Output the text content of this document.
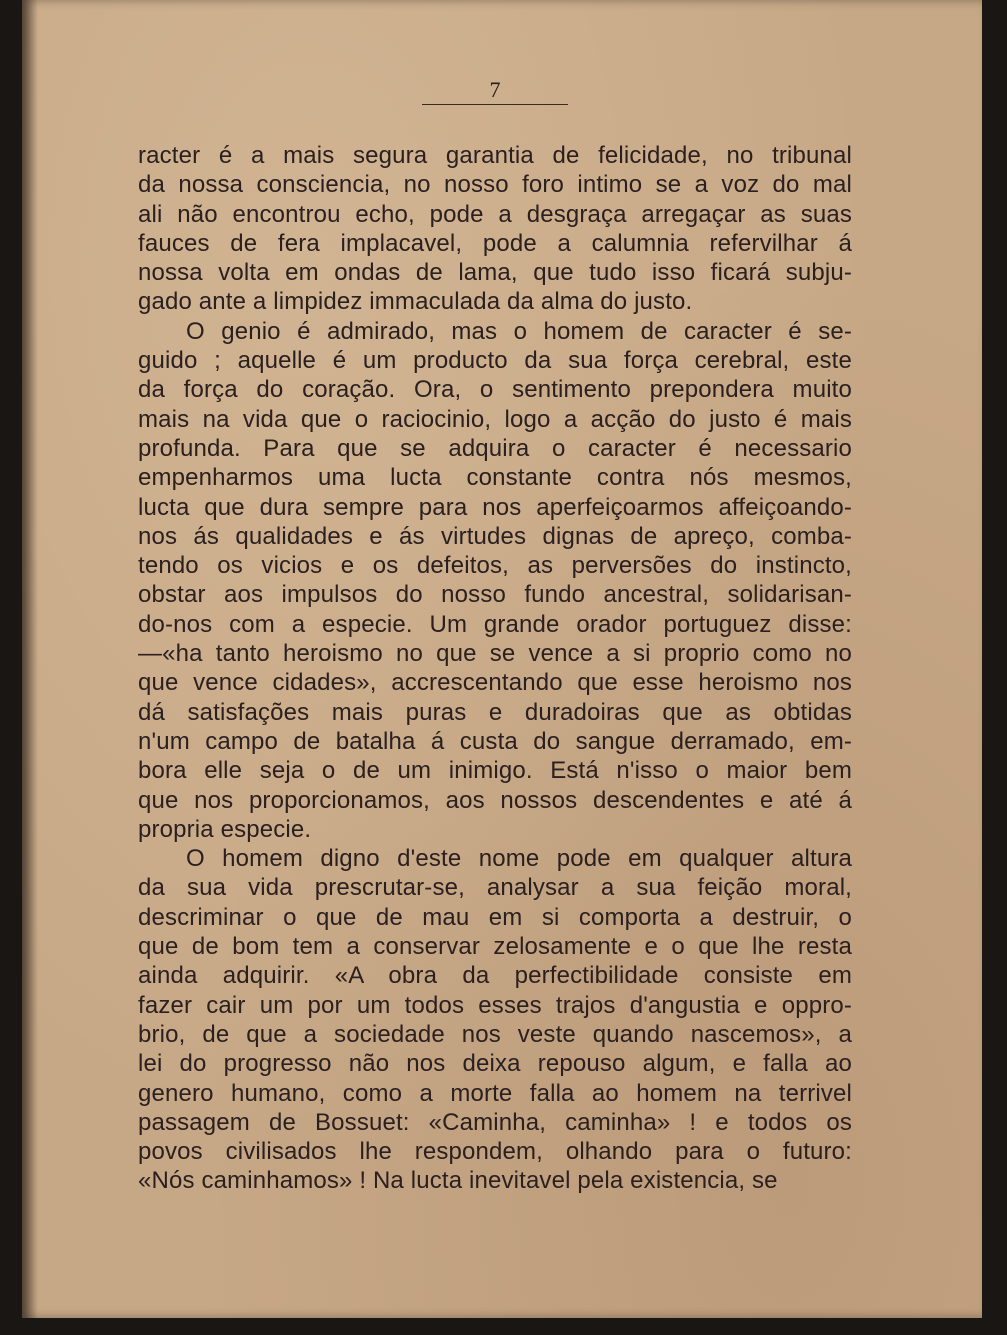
7
racter é a mais segura garantia de felicidade, no tribunal
da nossa consciencia, no nosso foro intimo se a voz do mal
ali não encontrou echo, pode a desgraça arregaçar as suas
fauces de fera implacavel, pode a calumnia refervilhar á
nossa volta em ondas de lama, que tudo isso ficará subju-
gado ante a limpidez immaculada da alma do justo.
O genio é admirado, mas o homem de caracter é se-
guido ; aquelle é um producto da sua força cerebral, este
da força do coração. Ora, o sentimento prepondera muito
mais na vida que o raciocinio, logo a acção do justo é mais
profunda. Para que se adquira o caracter é necessario
empenharmos uma lucta constante contra nós mesmos,
lucta que dura sempre para nos aperfeiçoarmos affeiçoando-
nos ás qualidades e ás virtudes dignas de apreço, comba-
tendo os vicios e os defeitos, as perversões do instincto,
obstar aos impulsos do nosso fundo ancestral, solidarisan-
do-nos com a especie. Um grande orador portuguez disse:
—«ha tanto heroismo no que se vence a si proprio como no
que vence cidades», accrescentando que esse heroismo nos
dá satisfações mais puras e duradoiras que as obtidas
n'um campo de batalha á custa do sangue derramado, em-
bora elle seja o de um inimigo. Está n'isso o maior bem
que nos proporcionamos, aos nossos descendentes e até á
propria especie.
O homem digno d'este nome pode em qualquer altura
da sua vida prescrutar-se, analysar a sua feição moral,
descriminar o que de mau em si comporta a destruir, o
que de bom tem a conservar zelosamente e o que lhe resta
ainda adquirir. «A obra da perfectibilidade consiste em
fazer cair um por um todos esses trajos d'angustia e oppro-
brio, de que a sociedade nos veste quando nascemos», a
lei do progresso não nos deixa repouso algum, e falla ao
genero humano, como a morte falla ao homem na terrivel
passagem de Bossuet: «Caminha, caminha» ! e todos os
povos civilisados lhe respondem, olhando para o futuro:
«Nós caminhamos» ! Na lucta inevitavel pela existencia, se
